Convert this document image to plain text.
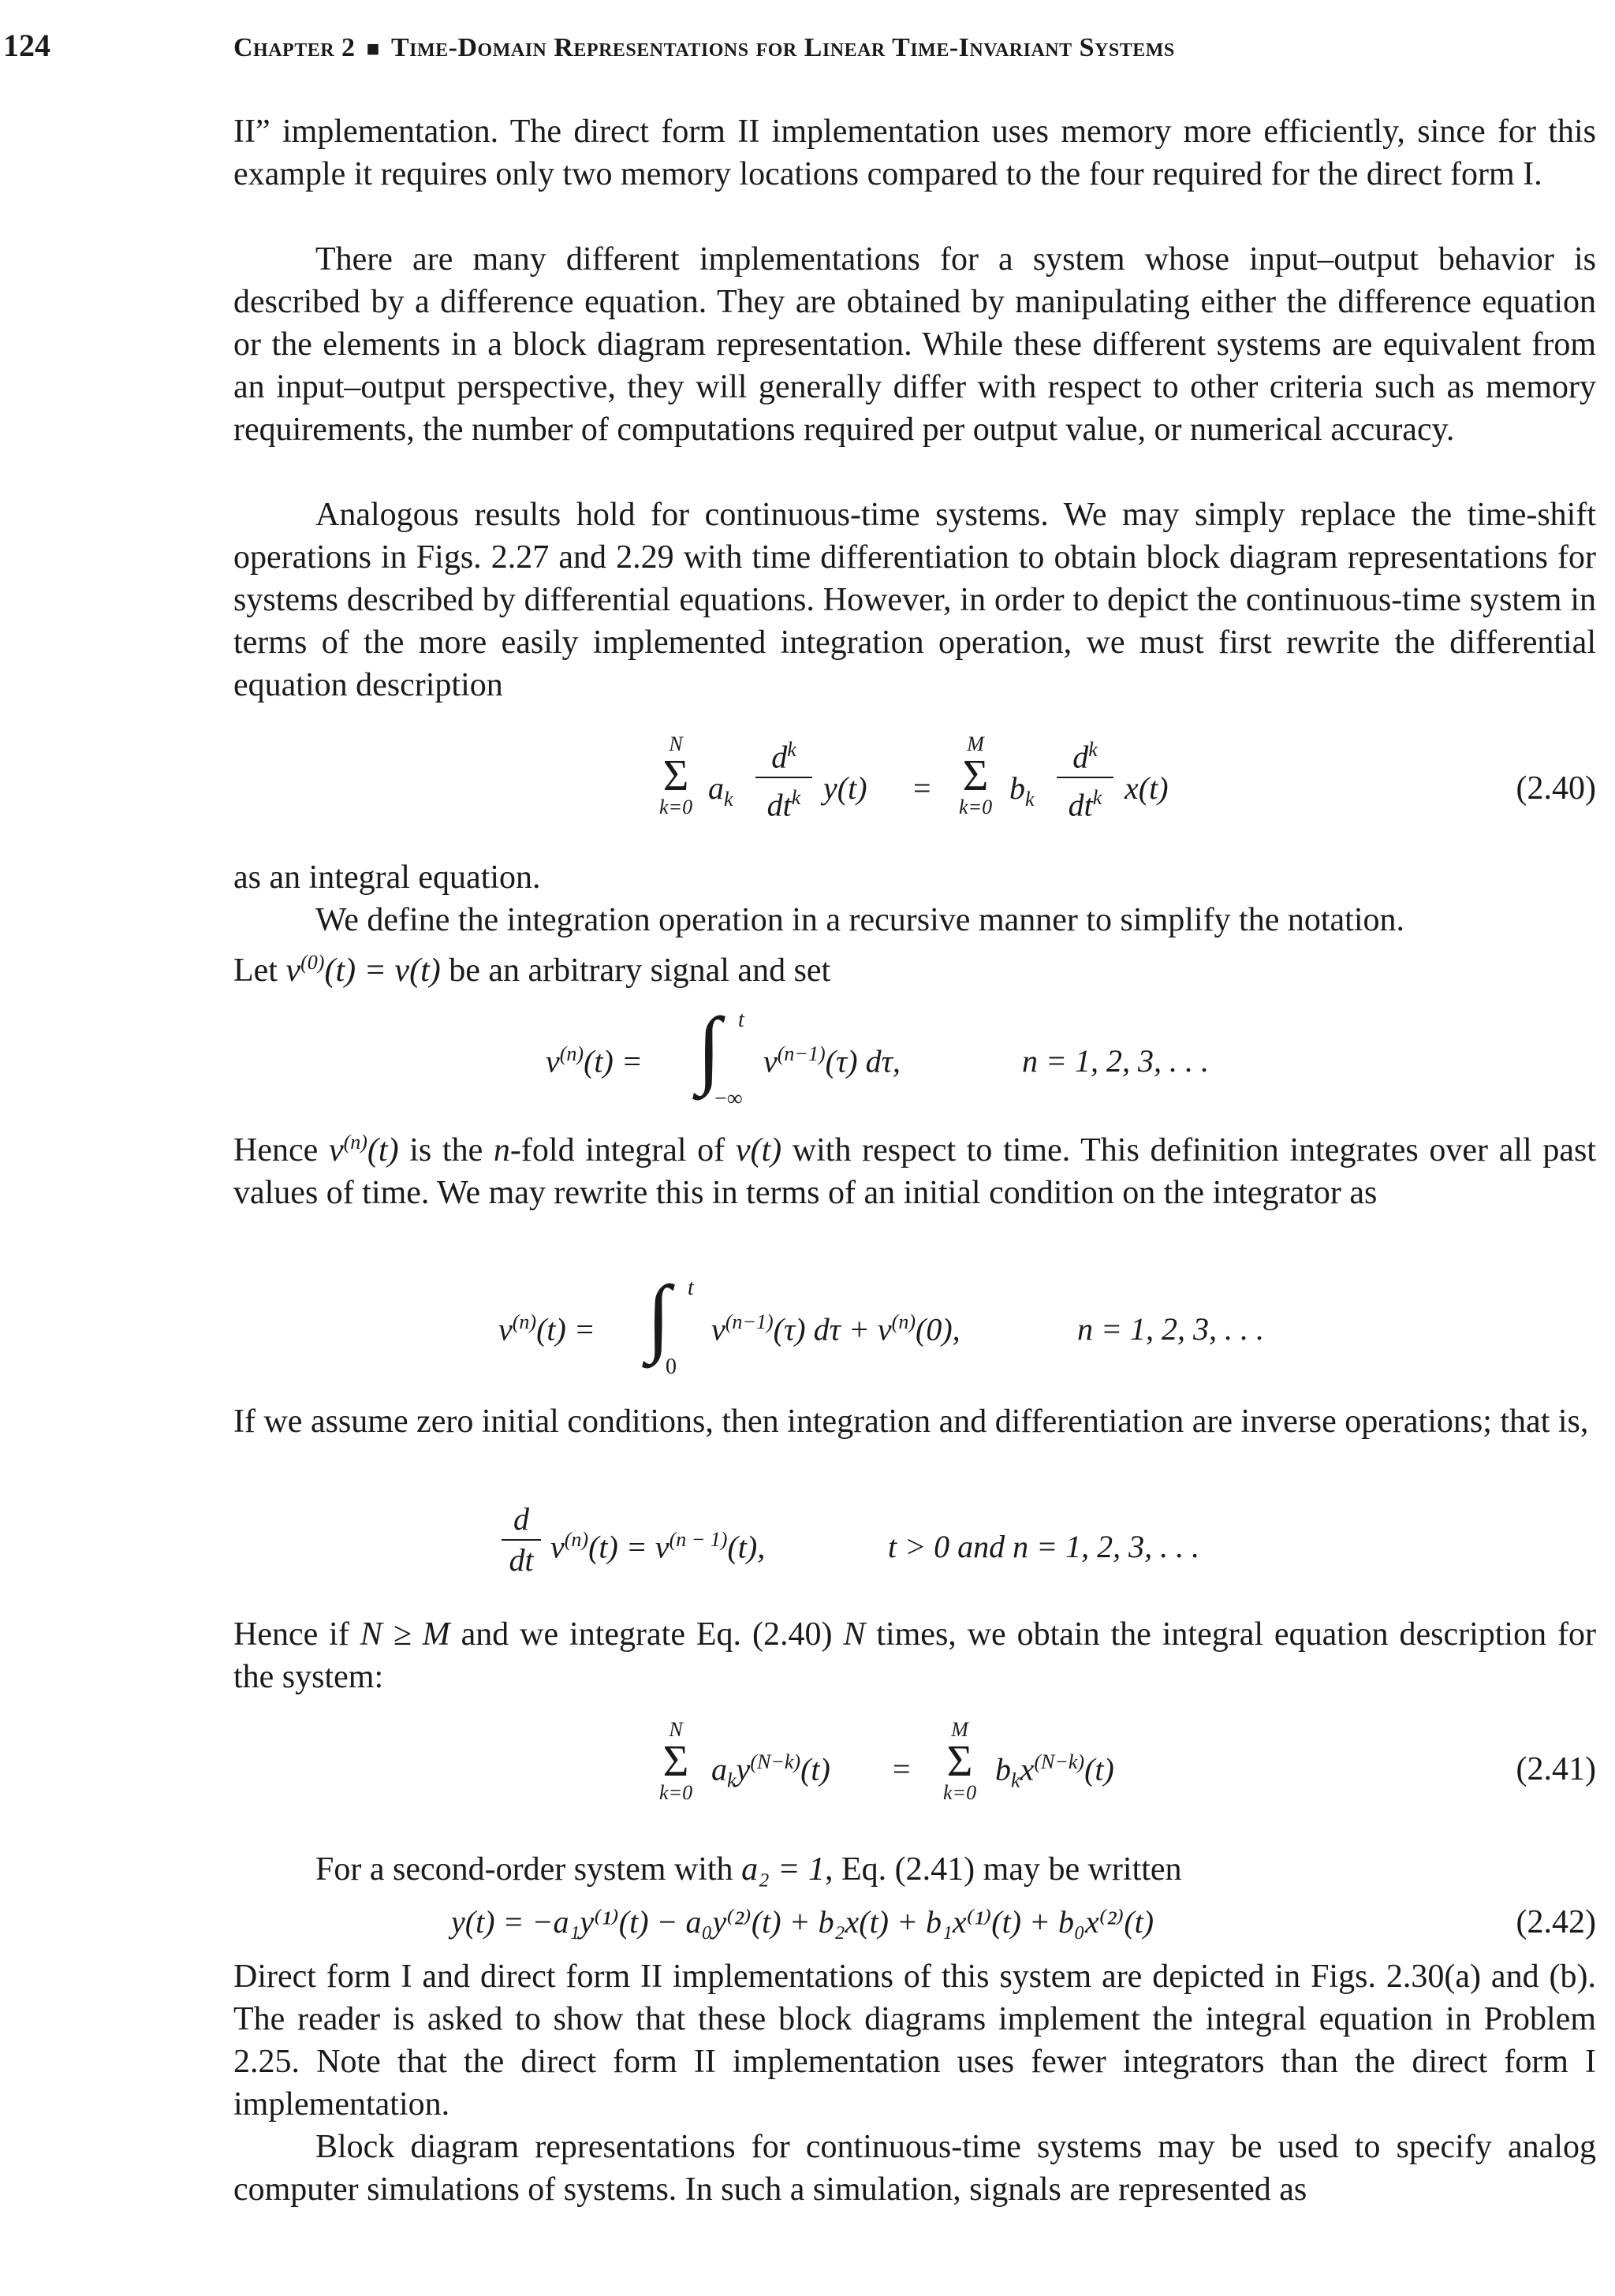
124	Chapter 2 ■ Time-Domain Representations for Linear Time-Invariant Systems

II” implementation. The direct form II implementation uses memory more efficiently, since for this example it requires only two memory locations compared to the four required for the direct form I.

There are many different implementations for a system whose input–output behavior is described by a difference equation. They are obtained by manipulating either the difference equation or the elements in a block diagram representation. While these different systems are equivalent from an input–output perspective, they will generally differ with respect to other criteria such as memory requirements, the number of computations required per output value, or numerical accuracy.

Analogous results hold for continuous-time systems. We may simply replace the time-shift operations in Figs. 2.27 and 2.29 with time differentiation to obtain block diagram representations for systems described by differential equations. However, in order to depict the continuous-time system in terms of the more easily implemented integration operation, we must first rewrite the differential equation description

N
Σ
k=0
$a_k$
$d^k$
$dt^k$ y(t) =
M
Σ
k=0
$b_k$
$d^k$
$dt^k$ x(t)	(2.40)

as an integral equation.

We define the integration operation in a recursive manner to simplify the notation.

Let $v^{(0)}(t) = v(t)$ be an arbitrary signal and set

$v^{(n)}(t)$ = ∫ t
−∞
$v^{(n-1)}(\tau)$ dτ,	n = 1, 2, 3, . . .

Hence $v^{(n)}(t)$ is the n-fold integral of v(t) with respect to time. This definition integrates over all past values of time. We may rewrite this in terms of an initial condition on the integrator as

$v^{(n)}(t)$ = ∫ t
0
$v^{(n-1)}(\tau) d\tau + v^{(n)}(0)$,	n = 1, 2, 3, . . .

If we assume zero initial conditions, then integration and differentiation are inverse operations; that is,

d
dt $v^{(n)}(t) = v^{(n - 1)}(t)$,	t > 0 and n = 1, 2, 3, . . .

Hence if N ≥ M and we integrate Eq. (2.40) N times, we obtain the integral equation description for the system:

N
Σ
k=0
$a_ky^{(N-k)}(t)$ =
M
Σ
k=0
$b_kx^{(N-k)}(t)$	(2.41)

For a second-order system with a₂ = 1, Eq. (2.41) may be written

y(t) = −a₁y⁽¹⁾(t) − a₀y⁽²⁾(t) + b₂x(t) + b₁x⁽¹⁾(t) + b₀x⁽²⁾(t)	(2.42)

Direct form I and direct form II implementations of this system are depicted in Figs. 2.30(a) and (b). The reader is asked to show that these block diagrams implement the integral equation in Problem 2.25. Note that the direct form II implementation uses fewer integrators than the direct form I implementation.

Block diagram representations for continuous-time systems may be used to specify analog computer simulations of systems. In such a simulation, signals are represented as
